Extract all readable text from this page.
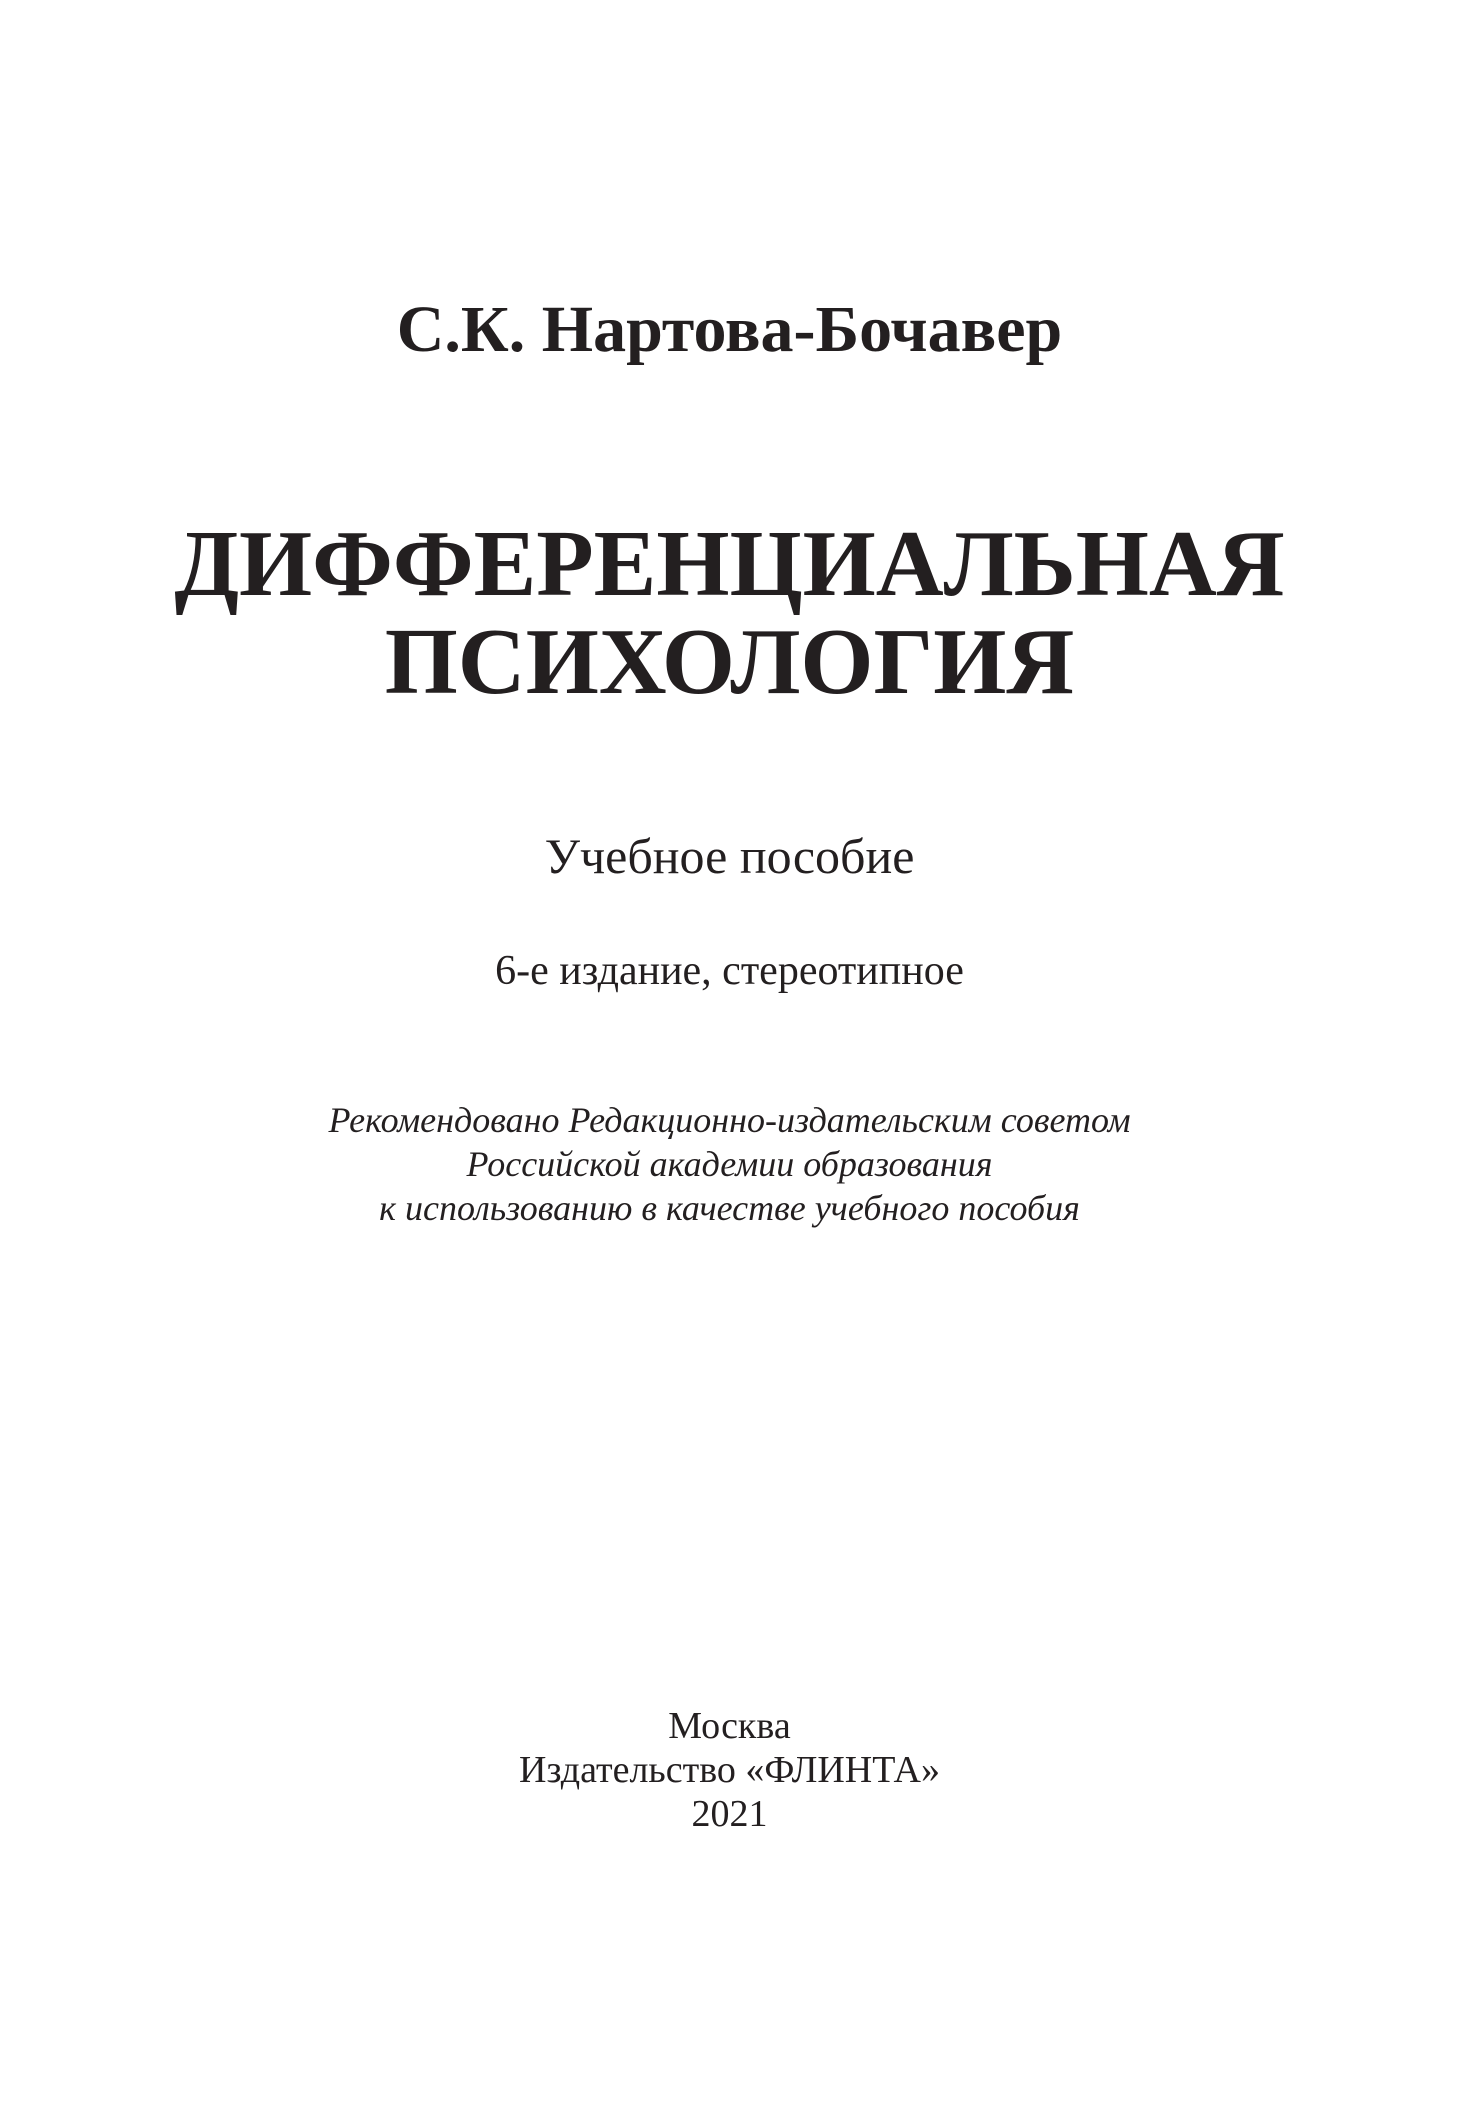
С.К. Нартова-Бочавер
ДИФФЕРЕНЦИАЛЬНАЯ
ПСИХОЛОГИЯ
Учебное пособие
6-е издание, стереотипное
Рекомендовано Редакционно-издательским советом
Российской академии образования
к использованию в качестве учебного пособия
Москва
Издательство «ФЛИНТА»
2021
